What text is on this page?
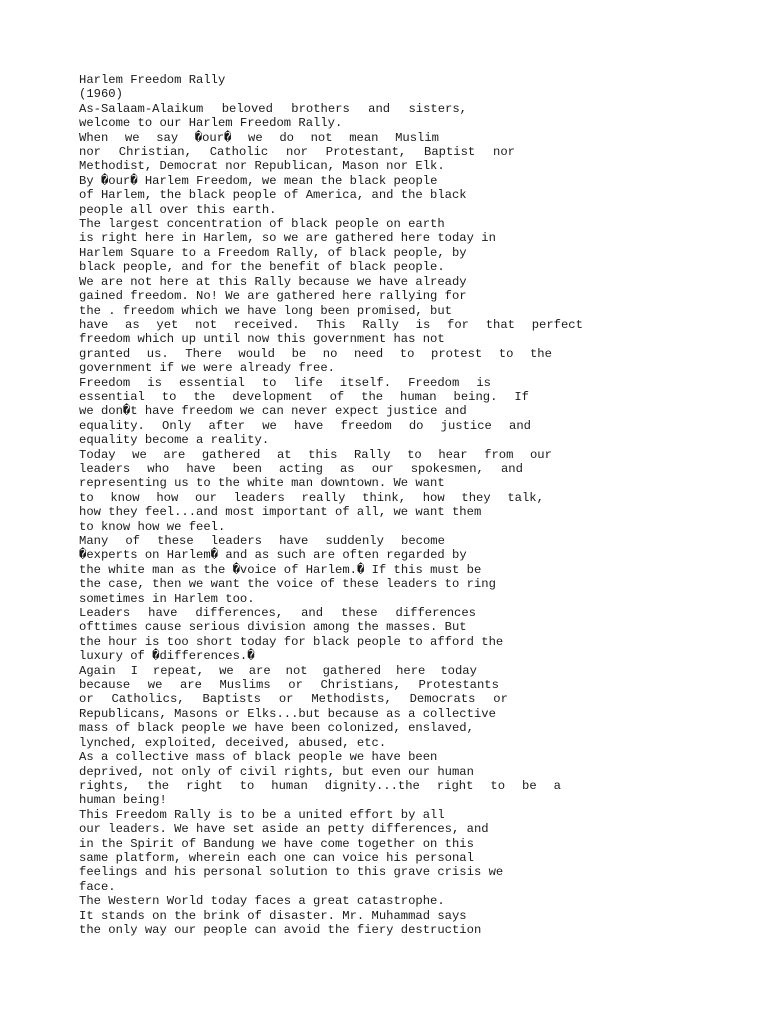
Harlem Freedom Rally
(1960)
As-Salaam-Alaikum beloved brothers and sisters,
welcome to our Harlem Freedom Rally.
When we say �our� we do not mean Muslim
nor Christian, Catholic nor Protestant, Baptist nor
Methodist, Democrat nor Republican, Mason nor Elk.
By �our� Harlem Freedom, we mean the black people
of Harlem, the black people of America, and the black
people all over this earth.
The largest concentration of black people on earth
is right here in Harlem, so we are gathered here today in
Harlem Square to a Freedom Rally, of black people, by
black people, and for the benefit of black people.
We are not here at this Rally because we have already
gained freedom. No! We are gathered here rallying for
the . freedom which we have long been promised, but
have as yet not received. This Rally is for that perfect
freedom which up until now this government has not
granted us. There would be no need to protest to the
government if we were already free.
Freedom is essential to life itself. Freedom is
essential to the development of the human being. If
we don�t have freedom we can never expect justice and
equality. Only after we have freedom do justice and
equality become a reality.
Today we are gathered at this Rally to hear from our
leaders who have been acting as our spokesmen, and
representing us to the white man downtown. We want
to know how our leaders really think, how they talk,
how they feel...and most important of all, we want them
to know how we feel.
Many of these leaders have suddenly become
�experts on Harlem� and as such are often regarded by
the white man as the �voice of Harlem.� If this must be
the case, then we want the voice of these leaders to ring
sometimes in Harlem too.
Leaders have differences, and these differences
ofttimes cause serious division among the masses. But
the hour is too short today for black people to afford the
luxury of �differences.�
Again I repeat, we are not gathered here today
because we are Muslims or Christians, Protestants
or Catholics, Baptists or Methodists, Democrats or
Republicans, Masons or Elks...but because as a collective
mass of black people we have been colonized, enslaved,
lynched, exploited, deceived, abused, etc.
As a collective mass of black people we have been
deprived, not only of civil rights, but even our human
rights, the right to human dignity...the right to be a
human being!
This Freedom Rally is to be a united effort by all
our leaders. We have set aside an petty differences, and
in the Spirit of Bandung we have come together on this
same platform, wherein each one can voice his personal
feelings and his personal solution to this grave crisis we
face.
The Western World today faces a great catastrophe.
It stands on the brink of disaster. Mr. Muhammad says
the only way our people can avoid the fiery destruction
